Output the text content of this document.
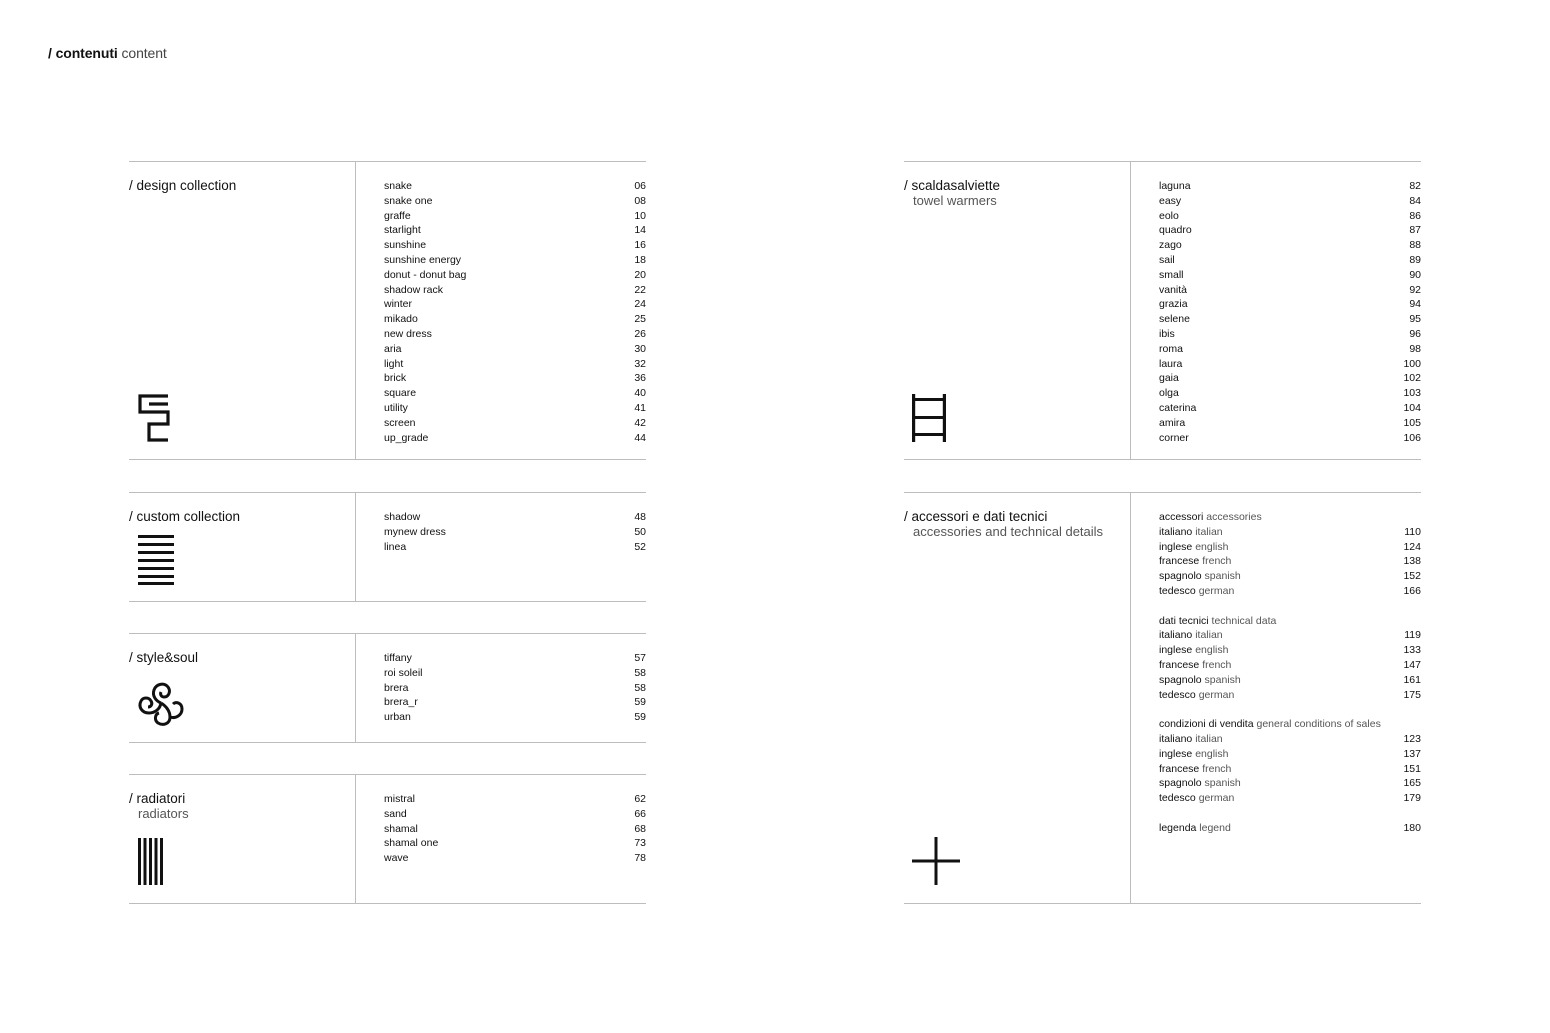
/ contenuti content
/ design collection	snake	06
snake one	08
graffe	10
starlight	14
sunshine	16
sunshine energy	18
donut - donut bag	20
shadow rack	22
winter	24
mikado	25
new dress	26
aria	30
light	32
brick	36
square	40
utility	41
screen	42
up_grade	44
/ custom collection	shadow	48
mynew dress	50
linea	52
/ style&soul	tiffany	57
roi soleil	58
brera	58
brera_r	59
urban	59
/ radiatori
radiators
mistral	62
sand	66
shamal	68
shamal one	73
wave	78
/ scaldasalviette
towel warmers
laguna	82
easy	84
eolo	86
quadro	87
zago	88
sail	89
small	90
vanità	92
grazia	94
selene	95
ibis	96
roma	98
laura	100
gaia	102
olga	103
caterina	104
amira	105
corner	106
/ accessori e dati tecnici
accessories and technical details
accessori accessories
italiano italian	110
inglese english	124
francese french	138
spagnolo spanish	152
tedesco german	166
dati tecnici technical data
italiano italian	119
inglese english	133
francese french	147
spagnolo spanish	161
tedesco german	175
condizioni di vendita general conditions of sales
italiano italian	123
inglese english	137
francese french	151
spagnolo spanish	165
tedesco german	179
legenda legend	180
